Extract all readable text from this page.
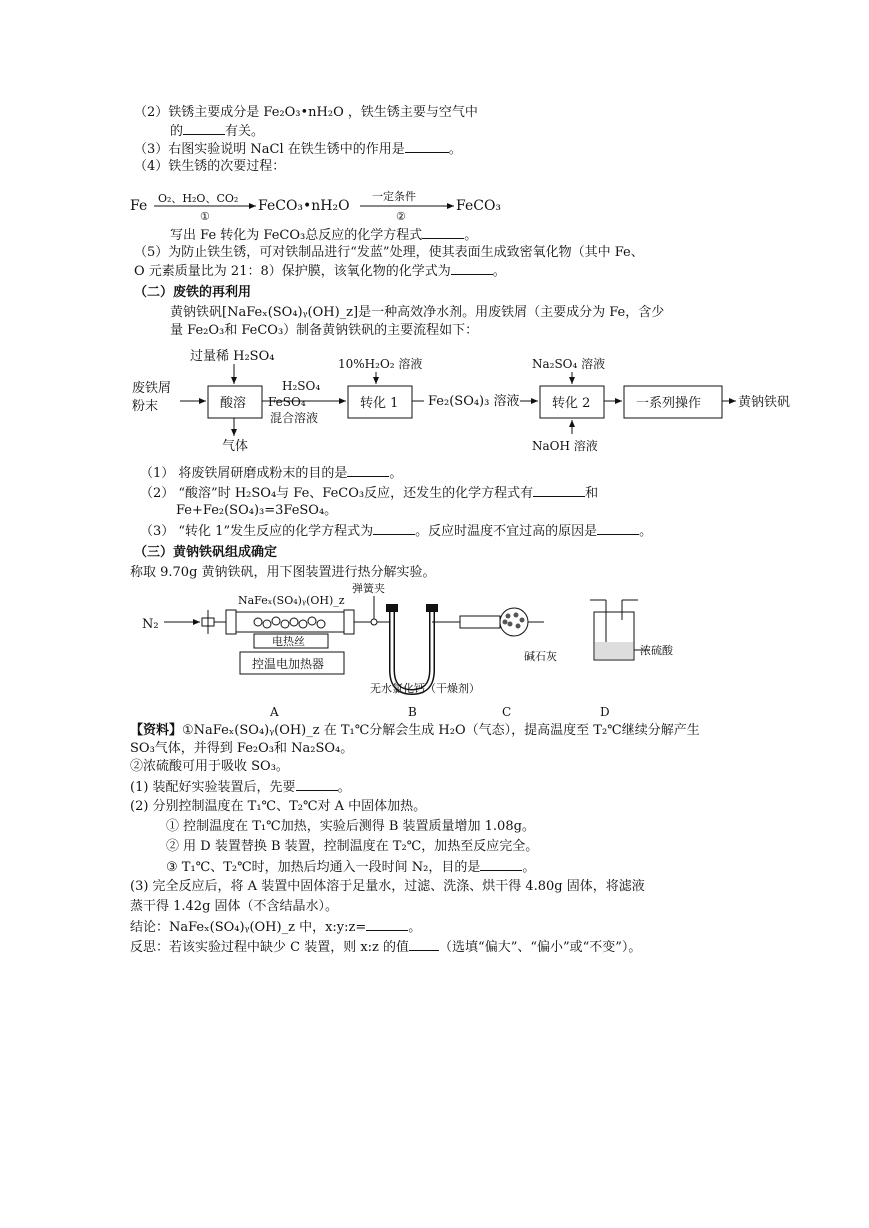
（2）铁锈主要成分是 Fe₂O₃•nH₂O ，铁生锈主要与空气中
的	有关。
（3）右图实验说明 NaCl 在铁生锈中的作用是	。
（4）铁生锈的次要过程：
Fe O₂、H₂O、CO₂
①
FeCO₃•nH₂O
一定条件
②
FeCO₃
写出 Fe 转化为 FeCO₃总反应的化学方程式	。
（5）为防止铁生锈，可对铁制品进行“发蓝”处理，使其表面生成致密氧化物（其中 Fe、
O 元素质量比为 21：8）保护膜，该氧化物的化学式为	。
（二）废铁的再利用
黄钠铁矾[NaFeₓ(SO₄)ᵧ(OH)_z]是一种高效净水剂。用废铁屑（主要成分为 Fe，含少
量 Fe₂O₃和 FeCO₃）制备黄钠铁矾的主要流程如下：
过量稀 H₂SO₄
废铁屑
粉末	酸溶
气体
H₂SO₄
FeSO₄
混合溶液
10%H₂O₂ 溶液
转化 1 Fe₂(SO₄)₃ 溶液
Na₂SO₄ 溶液
转化 2
NaOH 溶液
一系列操作	黄钠铁矾
（1） 将废铁屑研磨成粉末的目的是	。
（2） “酸溶”时 H₂SO₄与 Fe、FeCO₃反应，还发生的化学方程式有	和
Fe+Fe₂(SO₄)₃=3FeSO₄。
（3） “转化 1”发生反应的化学方程式为	。反应时温度不宜过高的原因是	。
（三）黄钠铁矾组成确定
称取 9.70g 黄钠铁矾，用下图装置进行热分解实验。
N₂
NaFeₓ(SO₄)ᵧ(OH)_z
电热丝
控温电加热器
弹簧夹
碱石灰	浓硫酸
无水氯化钙（干燥剂）
A	B	C	D
【资料】①NaFeₓ(SO₄)ᵧ(OH)_z 在 T₁℃分解会生成 H₂O（气态），提高温度至 T₂℃继续分解产生
SO₃气体，并得到 Fe₂O₃和 Na₂SO₄。
②浓硫酸可用于吸收 SO₃。
(1) 装配好实验装置后，先要	。
(2) 分别控制温度在 T₁℃、T₂℃对 A 中固体加热。
① 控制温度在 T₁℃加热，实验后测得 B 装置质量增加 1.08g。
② 用 D 装置替换 B 装置，控制温度在 T₂℃，加热至反应完全。
③ T₁℃、T₂℃时，加热后均通入一段时间 N₂，目的是	。
(3) 完全反应后，将 A 装置中固体溶于足量水，过滤、洗涤、烘干得 4.80g 固体，将滤液
蒸干得 1.42g 固体（不含结晶水）。
结论：NaFeₓ(SO₄)ᵧ(OH)_z 中，x:y:z=	。
反思：若该实验过程中缺少 C 装置，则 x:z 的值 （选填“偏大”、“偏小”或“不变”）。
